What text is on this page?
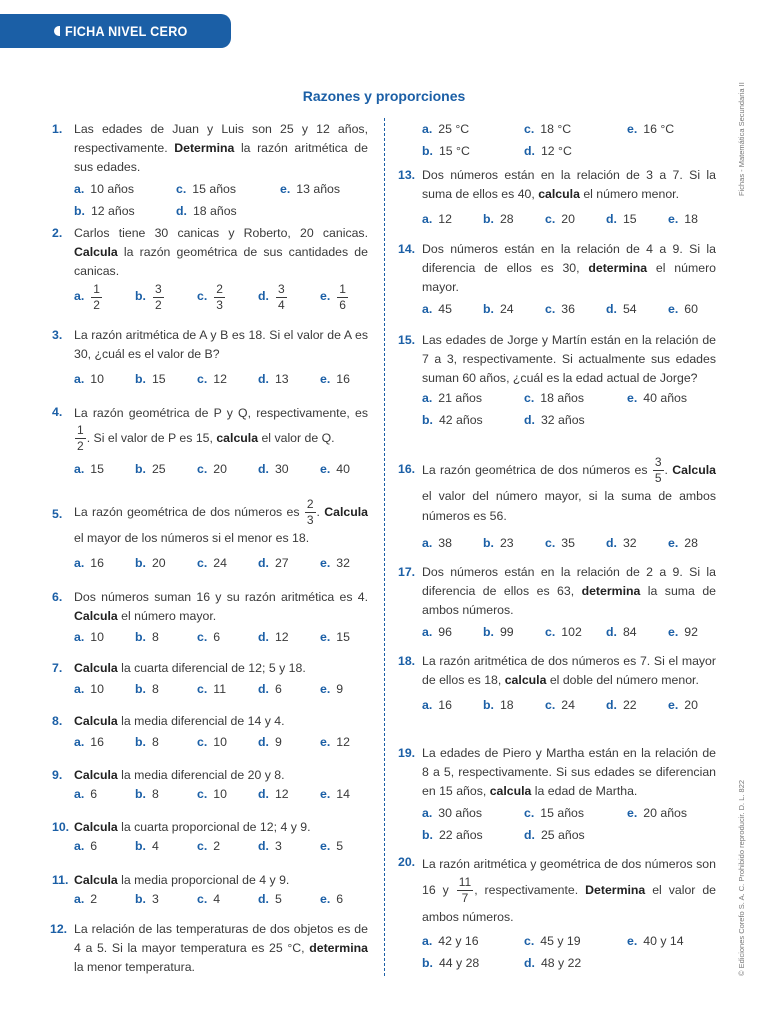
FICHA NIVEL CERO
Razones y proporciones	Fichas - Matemática Secundaria II
© Ediciones Corefo S. A. C. Prohibido reproducir. D. L. 822
1. Las edades de Juan y Luis son 25 y 12 años, respectivamente. Determina la razón aritmética de sus edades.

a. 10 años	c. 15 años	e. 13 años
b. 12 años	d. 18 años
2. Carlos tiene 30 canicas y Roberto, 20 canicas. Calcula la razón geométrica de sus cantidades de canicas.

a. $\frac{1}{2}$	b. $\frac{3}{2}$	c. $\frac{2}{3}$	d. $\frac{3}{4}$	e. $\frac{1}{6}$
3. La razón aritmética de A y B es 18. Si el valor de A es 30, ¿cuál es el valor de B?

a. 10	b. 15	c. 12	d. 13	e. 16
4. La razón geométrica de P y Q, respectivamente, es
$\frac{1}{2}$ . Si el valor de P es 15, calcula el valor de Q.

a. 15	b. 25	c. 20	d. 30	e. 40
5. La razón geométrica de dos números es $\frac{2}{3}$ . Calcula el mayor de los números si el menor es 18.

a. 16	b. 20	c. 24	d. 27	e. 32
6. Dos números suman 16 y su razón aritmética es 4. Calcula el número mayor.

a. 10	b. 8	c. 6	d. 12	e. 15
7. Calcula la cuarta diferencial de 12; 5 y 18.

a. 10	b. 8	c. 11	d. 6	e. 9
8. Calcula la media diferencial de 14 y 4.

a. 16	b. 8	c. 10	d. 9	e. 12
9. Calcula la media diferencial de 20 y 8.

a. 6	b. 8	c. 10	d. 12	e. 14
10. Calcula la cuarta proporcional de 12; 4 y 9.

a. 6	b. 4	c. 2	d. 3	e. 5
11. Calcula la media proporcional de 4 y 9.

a. 2	b. 3	c. 4	d. 5	e. 6
12. La relación de las temperaturas de dos objetos es de 4 a 5. Si la mayor temperatura es 25 °C, determina la menor temperatura.

a. 25 °C	c. 18 °C	e. 16 °C
b. 15 °C	d. 12 °C
13. Dos números están en la relación de 3 a 7. Si la suma de ellos es 40, calcula el número menor.

a. 12	b. 28	c. 20	d. 15	e. 18
14. Dos números están en la relación de 4 a 9. Si la diferencia de ellos es 30, determina el número mayor.

a. 45	b. 24	c. 36	d. 54	e. 60
15. Las edades de Jorge y Martín están en la relación de 7 a 3, respectivamente. Si actualmente sus edades suman 60 años, ¿cuál es la edad actual de Jorge?

a. 21 años	c. 18 años	e. 40 años
b. 42 años	d. 32 años
16. La razón geométrica de dos números es $\frac{3}{5}$ . Calcula el valor del número mayor, si la suma de ambos números es 56.

a. 38	b. 23	c. 35	d. 32	e. 28
17. Dos números están en la relación de 2 a 9. Si la diferencia de ellos es 63, determina la suma de ambos números.

a. 96	b. 99	c. 102 d. 84	e. 92
18. La razón aritmética de dos números es 7. Si el mayor de ellos es 18, calcula el doble del número menor.

a. 16	b. 18	c. 24	d. 22	e. 20
19. La edades de Piero y Martha están en la relación de 8 a 5, respectivamente. Si sus edades se diferencian en 15 años, calcula la edad de Martha.

a. 30 años	c. 15 años	e. 20 años
b. 22 años	d. 25 años
20. La razón aritmética y geométrica de dos números son 16 y $\frac{11}{7}$ , respectivamente. Determina el valor de ambos números.

a. 42 y 16	c. 45 y 19	e. 40 y 14
b. 44 y 28	d. 48 y 22
